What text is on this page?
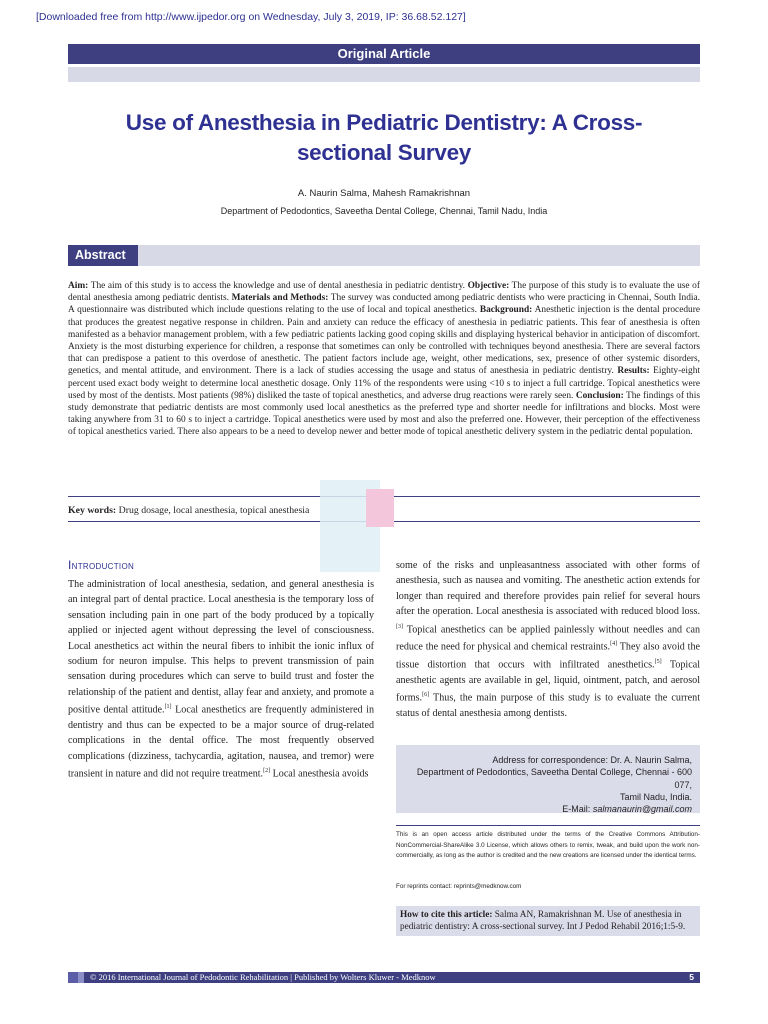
[Downloaded free from http://www.ijpedor.org on Wednesday, July 3, 2019, IP: 36.68.52.127]
Original Article
Use of Anesthesia in Pediatric Dentistry: A Cross-sectional Survey
A. Naurin Salma, Mahesh Ramakrishnan
Department of Pedodontics, Saveetha Dental College, Chennai, Tamil Nadu, India
Abstract
Aim: The aim of this study is to access the knowledge and use of dental anesthesia in pediatric dentistry. Objective: The purpose of this study is to evaluate the use of dental anesthesia among pediatric dentists. Materials and Methods: The survey was conducted among pediatric dentists who were practicing in Chennai, South India. A questionnaire was distributed which include questions relating to the use of local and topical anesthetics. Background: Anesthetic injection is the dental procedure that produces the greatest negative response in children. Pain and anxiety can reduce the efficacy of anesthesia in pediatric patients. This fear of anesthesia is often manifested as a behavior management problem, with a few pediatric patients lacking good coping skills and displaying hysterical behavior in anticipation of discomfort. Anxiety is the most disturbing experience for children, a response that sometimes can only be controlled with techniques beyond anesthesia. There are several factors that can predispose a patient to this overdose of anesthetic. The patient factors include age, weight, other medications, sex, presence of other systemic disorders, genetics, and mental attitude, and environment. There is a lack of studies accessing the usage and status of anesthesia in pediatric dentistry. Results: Eighty-eight percent used exact body weight to determine local anesthetic dosage. Only 11% of the respondents were using <10 s to inject a full cartridge. Topical anesthetics were used by most of the dentists. Most patients (98%) disliked the taste of topical anesthetics, and adverse drug reactions were rarely seen. Conclusion: The findings of this study demonstrate that pediatric dentists are most commonly used local anesthetics as the preferred type and shorter needle for infiltrations and blocks. Most were taking anywhere from 31 to 60 s to inject a cartridge. Topical anesthetics were used by most and also the preferred one. However, their perception of the effectiveness of topical anesthetics varied. There also appears to be a need to develop newer and better mode of topical anesthetic delivery system in the pediatric dental population.
Key words: Drug dosage, local anesthesia, topical anesthesia
Introduction

The administration of local anesthesia, sedation, and general anesthesia is an integral part of dental practice. Local anesthesia is the temporary loss of sensation including pain in one part of the body produced by a topically applied or injected agent without depressing the level of consciousness. Local anesthetics act within the neural fibers to inhibit the ionic influx of sodium for neuron impulse. This helps to prevent transmission of pain sensation during procedures which can serve to build trust and foster the relationship of the patient and dentist, allay fear and anxiety, and promote a positive dental attitude.[1] Local anesthetics are frequently administered in dentistry and thus can be expected to be a major source of drug-related complications in the dental office. The most frequently observed complications (dizziness, tachycardia, agitation, nausea, and tremor) were transient in nature and did not require treatment.[2] Local anesthesia avoids

some of the risks and unpleasantness associated with other forms of anesthesia, such as nausea and vomiting. The anesthetic action extends for longer than required and therefore provides pain relief for several hours after the operation. Local anesthesia is associated with reduced blood loss.[3] Topical anesthetics can be applied painlessly without needles and can reduce the need for physical and chemical restraints.[4] They also avoid the tissue distortion that occurs with infiltrated anesthetics.[5] Topical anesthetic agents are available in gel, liquid, ointment, patch, and aerosol forms.[6] Thus, the main purpose of this study is to evaluate the current status of dental anesthesia among dentists.

Address for correspondence: Dr. A. Naurin Salma,
Department of Pedodontics, Saveetha Dental College, Chennai - 600 077,
Tamil Nadu, India.
E-Mail: salmanaurin@gmail.com
This is an open access article distributed under the terms of the Creative Commons Attribution-NonCommercial-ShareAlike 3.0 License, which allows others to remix, tweak, and build upon the work non-commercially, as long as the author is credited and the new creations are licensed under the identical terms.
For reprints contact: reprints@medknow.com
How to cite this article: Salma AN, Ramakrishnan M. Use of anesthesia in pediatric dentistry: A cross-sectional survey. Int J Pedod Rehabil 2016;1:5-9.
© 2016 International Journal of Pedodontic Rehabilitation | Published by Wolters Kluwer - Medknow	5
